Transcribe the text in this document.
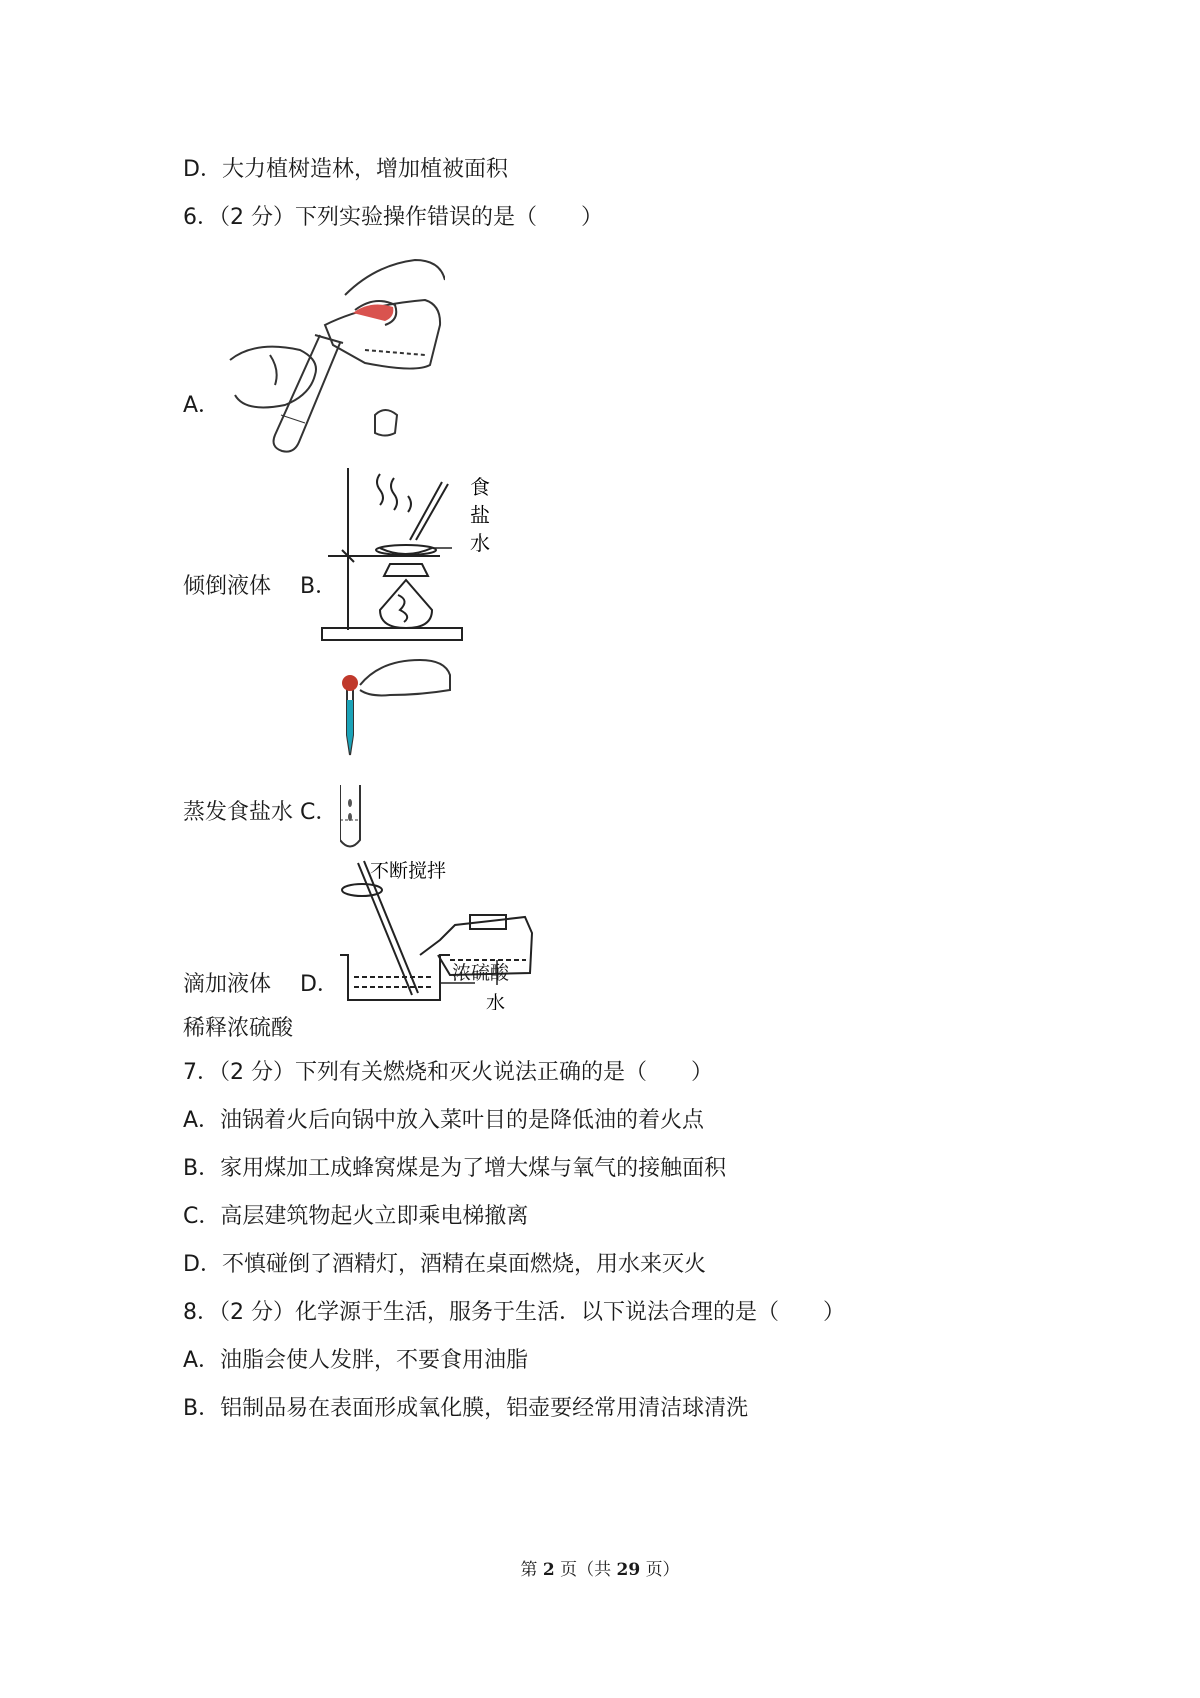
D．大力植树造林，增加植被面积
6．（2 分）下列实验操作错误的是（　　）
A．
食
盐
水
倾倒液体　 B．
蒸发食盐水 C．
不断搅拌
水
浓硫酸
滴加液体　 D．
稀释浓硫酸
7．（2 分）下列有关燃烧和灭火说法正确的是（　　）
A．油锅着火后向锅中放入菜叶目的是降低油的着火点
B．家用煤加工成蜂窝煤是为了增大煤与氧气的接触面积
C．高层建筑物起火立即乘电梯撤离
D．不慎碰倒了酒精灯，酒精在桌面燃烧，用水来灭火
8．（2 分）化学源于生活，服务于生活．以下说法合理的是（　　）
A．油脂会使人发胖，不要食用油脂
B．铝制品易在表面形成氧化膜，铝壶要经常用清洁球清洗
第 2 页（共 29 页）
